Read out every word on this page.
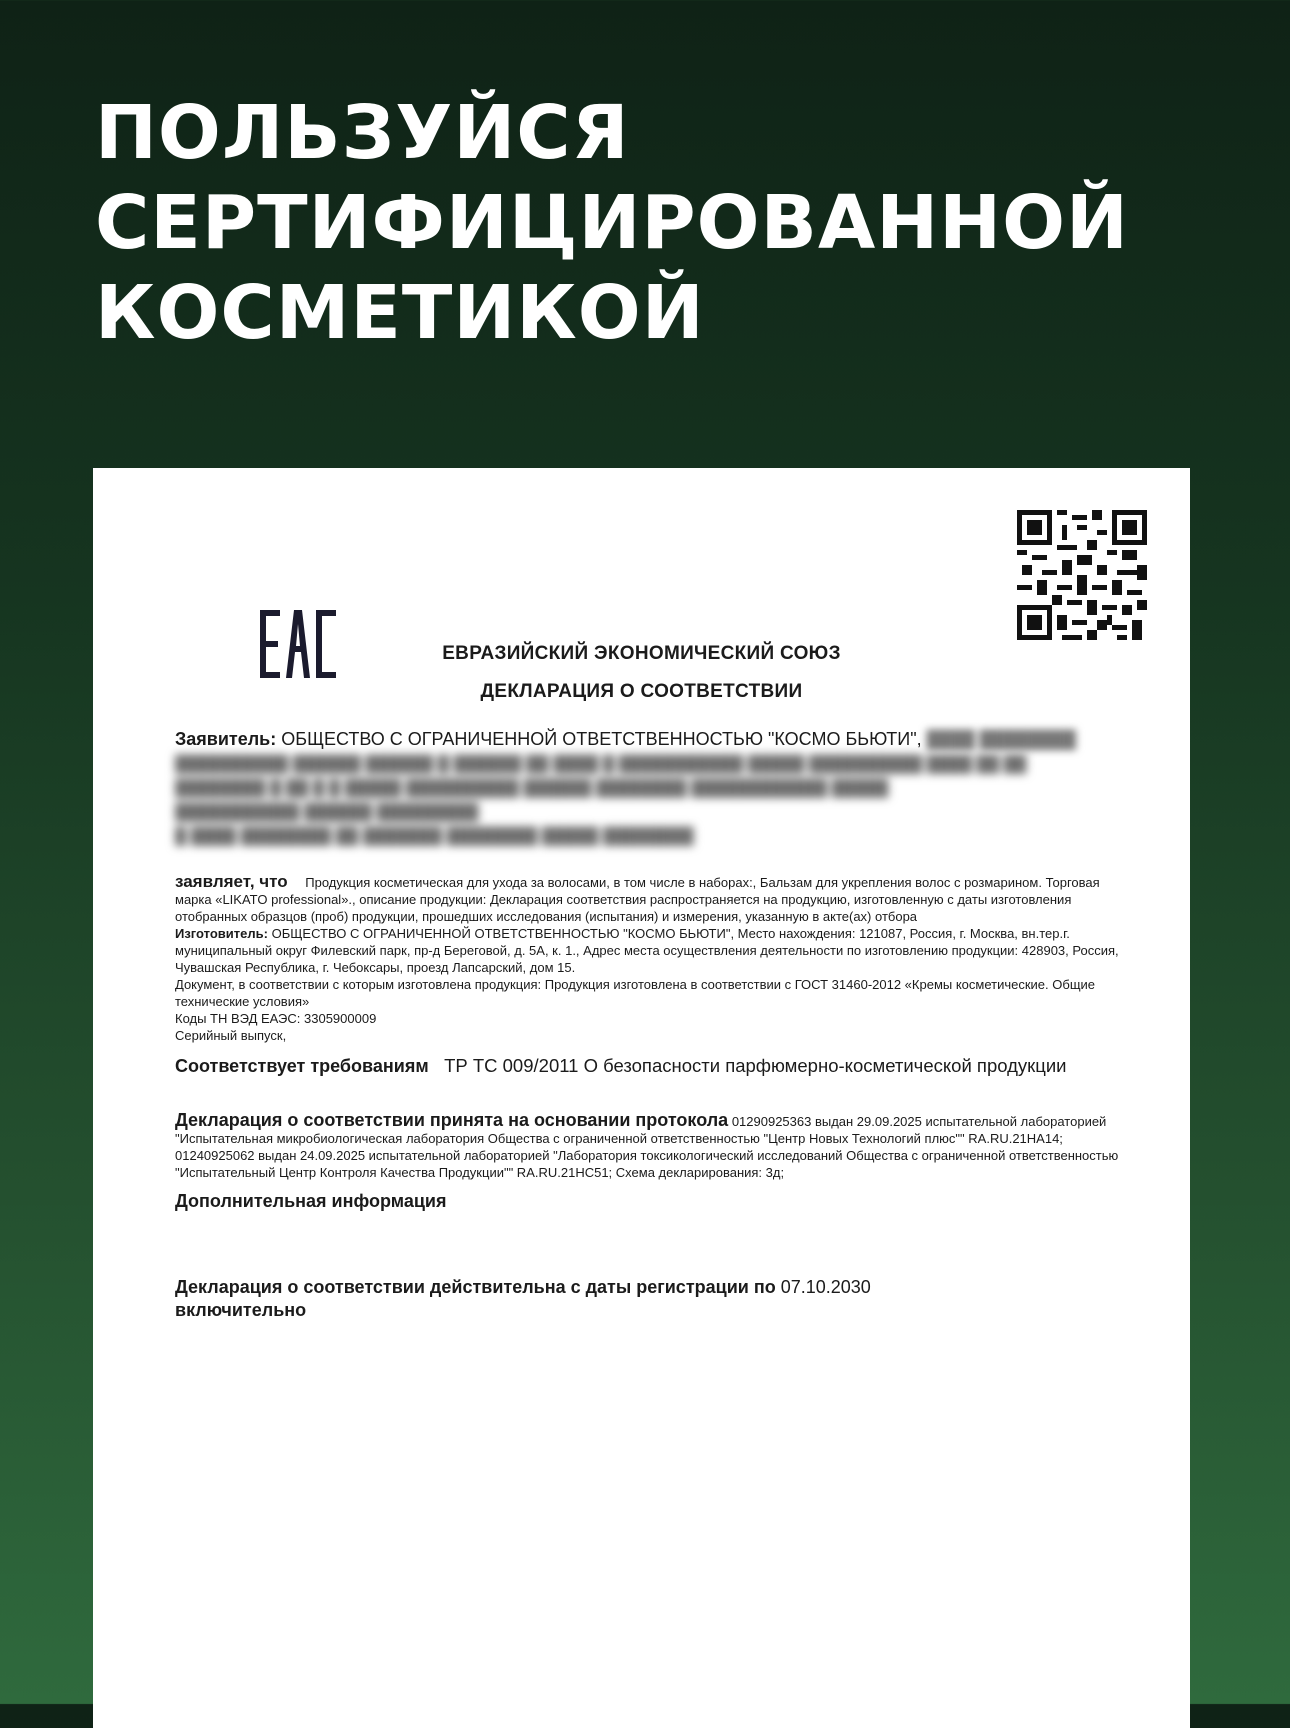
ПОЛЬЗУЙСЯ
СЕРТИФИЦИРОВАННОЙ
КОСМЕТИКОЙ
ЕВРАЗИЙСКИЙ ЭКОНОМИЧЕСКИЙ СОЮЗ
ДЕКЛАРАЦИЯ О СООТВЕТСТВИИ
Заявитель: ОБЩЕСТВО С ОГРАНИЧЕННОЙ ОТВЕТСТВЕННОСТЬЮ "КОСМО БЬЮТИ", ████ ████████
██████████ ██████ ██████ █ ██████ ██ ████ █ ███████████ █████ ██████████ ████ ██ ██
████████ █ ██ █ █ █████ ██████████ ██████ ████████ ████████████ █████
███████████ ██████ █████████
█ ████ ████████ ██ ███████ ████████ █████ ████████
заявляет, что Продукция косметическая для ухода за волосами, в том числе в наборах:, Бальзам для укрепления волос с розмарином. Торговая марка «LIKATO professional»., описание продукции: Декларация соответствия распространяется на продукцию, изготовленную с даты изготовления отобранных образцов (проб) продукции, прошедших исследования (испытания) и измерения, указанную в акте(ах) отбора
Изготовитель: ОБЩЕСТВО С ОГРАНИЧЕННОЙ ОТВЕТСТВЕННОСТЬЮ "КОСМО БЬЮТИ", Место нахождения: 121087, Россия, г. Москва, вн.тер.г. муниципальный округ Филевский парк, пр-д Береговой, д. 5А, к. 1., Адрес места осуществления деятельности по изготовлению продукции: 428903, Россия, Чувашская Республика, г. Чебоксары, проезд Лапсарский, дом 15.
Документ, в соответствии с которым изготовлена продукция: Продукция изготовлена в соответствии с ГОСТ 31460-2012 «Кремы косметические. Общие технические условия»
Коды ТН ВЭД ЕАЭС: 3305900009
Серийный выпуск,
Соответствует требованиям ТР ТС 009/2011 О безопасности парфюмерно-косметической продукции
Декларация о соответствии принята на основании протокола 01290925363 выдан 29.09.2025 испытательной лабораторией "Испытательная микробиологическая лаборатория Общества с ограниченной ответственностью "Центр Новых Технологий плюс"" RA.RU.21НА14; 01240925062 выдан 24.09.2025 испытательной лабораторией "Лаборатория токсикологический исследований Общества с ограниченной ответственностью "Испытательный Центр Контроля Качества Продукции"" RA.RU.21НС51; Схема декларирования: 3д;
Дополнительная информация
Декларация о соответствии действительна с даты регистрации по 07.10.2030
включительно
